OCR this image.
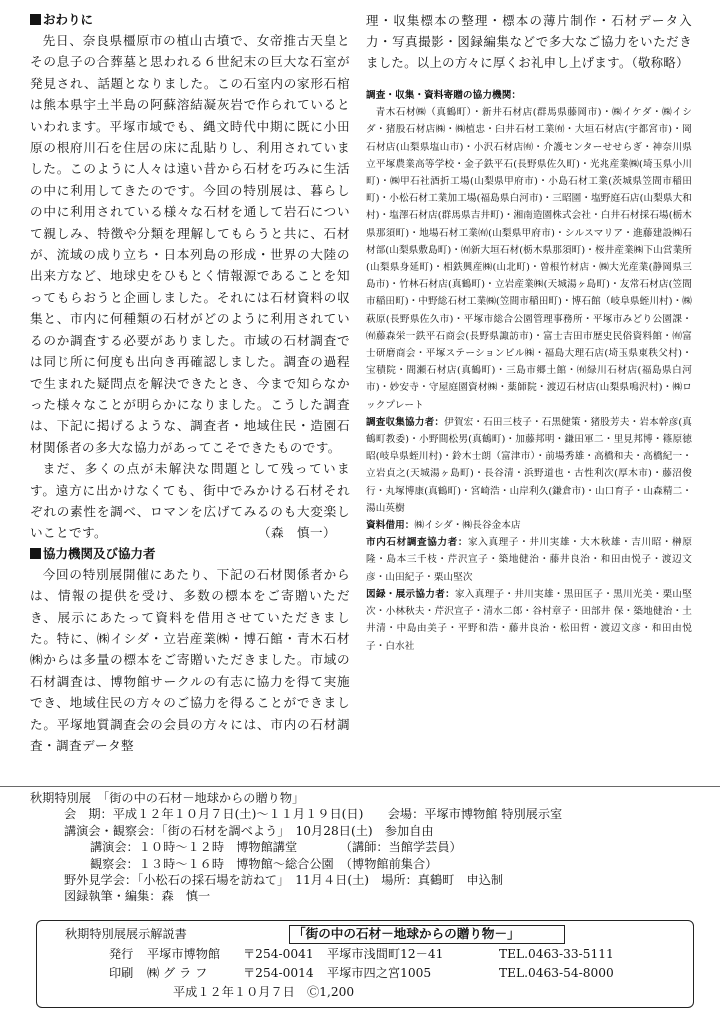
おわりに

先日、奈良県橿原市の植山古墳で、女帝推古天皇とその息子の合葬墓と思われる６世紀末の巨大な石室が発見され、話題となりました。この石室内の家形石棺は熊本県宇土半島の阿蘇溶結凝灰岩で作られているといわれます。平塚市域でも、縄文時代中期に既に小田原の根府川石を住居の床に乱貼りし、利用されていました。このように人々は遠い昔から石材を巧みに生活の中に利用してきたのです。今回の特別展は、暮らしの中に利用されている様々な石材を通して岩石について親しみ、特徴や分類を理解してもらうと共に、石材が、流域の成り立ち・日本列島の形成・世界の大陸の出来方など、地球史をひもとく情報源であることを知ってもらおうと企画しました。それには石材資料の収集と、市内に何種類の石材がどのように利用されているのか調査する必要がありました。市域の石材調査では同じ所に何度も出向き再確認しました。調査の過程で生まれた疑問点を解決できたとき、今まで知らなかった様々なことが明らかになりました。こうした調査は、下記に掲げるような、調査者・地域住民・造園石材関係者の多大な協力があってこそできたものです。

まだ、多くの点が未解決な問題として残っています。遠方に出かけなくても、街中でみかける石材それぞれの素性を調べ、ロマンを広げてみるのも大変楽しいことです。	（森　慎一）

協力機関及び協力者

今回の特別展開催にあたり、下記の石材関係者からは、情報の提供を受け、多数の標本をご寄贈いただき、展示にあたって資料を借用させていただきました。特に、㈱イシダ・立岩産業㈱・博石館・青木石材㈱からは多量の標本をご寄贈いただきました。市域の石材調査は、博物館サークルの有志に協力を得て実施でき、地域住民の方々のご協力を得ることができました。平塚地質調査会の会員の方々には、市内の石材調査・調査データ整

理・収集標本の整理・標本の薄片制作・石材データ入力・写真撮影・図録編集などで多大なご協力をいただきました。以上の方々に厚くお礼申し上げます。（敬称略）

調査・収集・資料寄贈の協力機関：

青木石材㈱（真鶴町）・新井石材店(群馬県藤岡市)・㈱イケダ・㈱イシダ・猪股石材店㈱・㈱植忠・臼井石材工業㈲・大垣石材店(宇都宮市)・岡石材店(山梨県塩山市)・小沢石材店㈲・介護センターせせらぎ・神奈川県立平塚農業高等学校・金子鉄平石(長野県佐久町)・光兆産業㈱(埼玉県小川町)・㈱甲石社酒折工場(山梨県甲府市)・小島石材工業(茨城県笠間市稲田町)・小松石材工業加工場(福島県白河市)・三昭園・塩野庭石店(山梨県大和村)・塩澤石材店(群馬県吉井町)・湘南造園株式会社・白井石材採石場(栃木県那須町)・地場石材工業㈲(山梨県甲府市)・シルスマリア・進藤建設㈱石材部(山梨県敷島町)・㈲新大垣石材(栃木県那須町)・桜井産業㈱下山営業所(山梨県身延町)・相鉄興産㈱(山北町)・曽根竹材店・㈱大光産業(静岡県三島市)・竹林石材店(真鶴町)・立岩産業㈱(天城湯ヶ島町)・友常石材店(笠間市稲田町)・中野総石材工業㈱(笠間市稲田町)・博石館（岐阜県蛭川村)・㈱萩原(長野県佐久市)・平塚市総合公園管理事務所・平塚市みどり公園課・㈲藤森栄一鉄平石商会(長野県諏訪市)・富士吉田市歴史民俗資料館・㈲富士研磨商会・平塚ステーションビル㈱・福島大理石店(埼玉県東秩父村)・宝積院・間瀬石材店(真鶴町)・三島市郷土館・㈲緑川石材店(福島県白河市)・妙安寺・守屋庭園資材㈱・薬師院・渡辺石材店(山梨県鳴沢村)・㈱ロックプレート

調査収集協力者：伊賀宏・石田三枝子・石黒健策・猪股芳夫・岩本幹彦(真鶴町教委)・小野間松男(真鶴町)・加藤邦明・鎌田軍二・里見邦博・篠原徳昭(岐阜県蛭川村)・鈴木士朗（富津市）・前場秀雄・高橋和夫・高橋紀一・立岩貞之(天城湯ヶ島町)・長谷清・浜野道也・古性利次(厚木市)・藤沼俊行・丸塚博康(真鶴町)・宮崎浩・山岸利久(鎌倉市)・山口育子・山森精二・湯山英樹

資料借用：㈱イシダ・㈱長谷金本店

市内石材調査協力者：家入真理子・井川実雄・大木秋雄・吉川昭・榊原隆・島本三千枝・芹沢宣子・築地健治・藤井良治・和田由悦子・渡辺文彦・山田紀子・栗山堅次

図録・展示協力者：家入真理子・井川実雄・黒田匡子・黒川光美・栗山堅次・小林秋夫・芹沢宣子・清水二郎・谷村章子・田部井 保・築地健治・土井清・中島由美子・平野和浩・藤井良治・松田哲・渡辺文彦・和田由悦子・白水社

秋期特別展　「街の中の石材－地球からの贈り物」
会　期：平成１２年１０月７日(土)～１１月１９日(日)　　会場：平塚市博物館 特別展示室
講演会・観察会：「街の石材を調べよう」　10月28日(土)　参加自由
講演会：１０時～１２時　博物館講堂　　　　（講師：当館学芸員）
観察会：１３時～１６時　博物館～総合公園　（博物館前集合）
野外見学会：「小松石の採石場を訪ねて」　11月４日(土)　場所：真鶴町　申込制
図録執筆・編集：森　慎一
秋期特別展展示解説書	「街の中の石材－地球からの贈り物－」
発行 平塚市博物館 〒254-0041 平塚市浅間町12－41	TEL.0463-33-5111
印刷 ㈱ グ ラ フ	〒254-0014 平塚市四之宮1005	TEL.0463-54-8000
平成１２年１０月７日　Ⓒ1,200
